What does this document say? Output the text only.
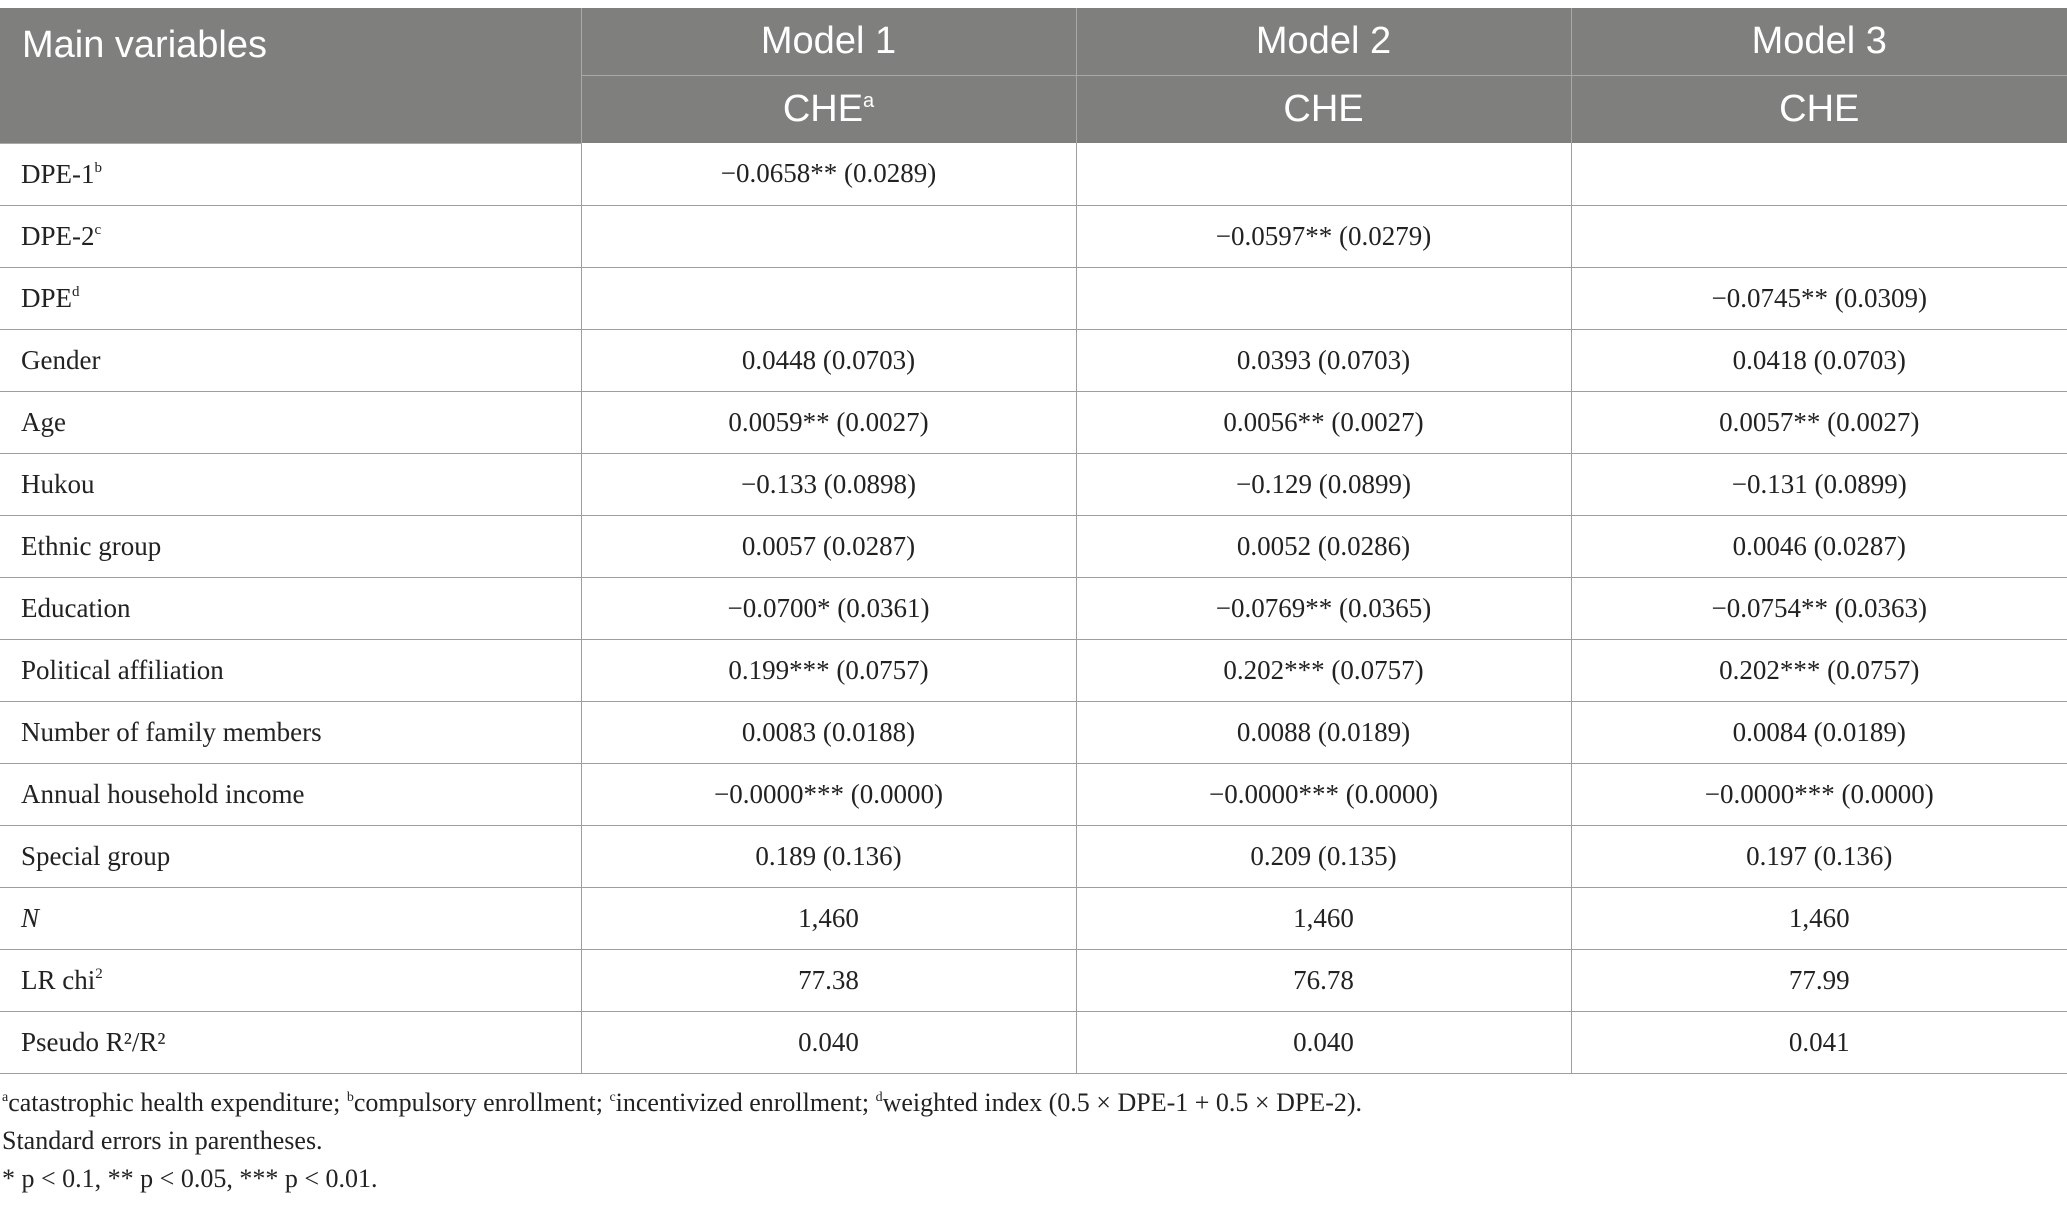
Main variables	Model 1	Model 2	Model 3
	CHE$^a$	CHE	CHE
DPE-$1^b$	−0.0658** (0.0289)		
DPE-2$^c$		−0.0597** (0.0279)	
DPE$^d$			−0.0745** (0.0309)
Gender	0.0448 (0.0703)	0.0393 (0.0703)	0.0418 (0.0703)
Age	0.0059** (0.0027)	0.0056** (0.0027)	0.0057** (0.0027)
Hukou	−0.133 (0.0898)	−0.129 (0.0899)	−0.131 (0.0899)
Ethnic group	0.0057 (0.0287)	0.0052 (0.0286)	0.0046 (0.0287)
Education	−0.0700* (0.0361)	−0.0769** (0.0365)	−0.0754** (0.0363)
Political affiliation	0.199*** (0.0757)	0.202*** (0.0757)	0.202*** (0.0757)
Number of family members	0.0083 (0.0188)	0.0088 (0.0189)	0.0084 (0.0189)
Annual household income	−0.0000*** (0.0000)	−0.0000*** (0.0000)	−0.0000*** (0.0000)
Special group	0.189 (0.136)	0.209 (0.135)	0.197 (0.136)
N	1,460	1,460	1,460
LR chi$^2$	77.38	76.78	77.99
Pseudo R²/R²	0.040	0.040	0.041
$^a$catastrophic health expenditure; $^b$compulsory enrollment; $^c$incentivized enrollment; $^d$weighted index (0.5 × DPE-1 + 0.5 × DPE-2).
Standard errors in parentheses.
* p < 0.1, ** p < 0.05, *** p < 0.01.
